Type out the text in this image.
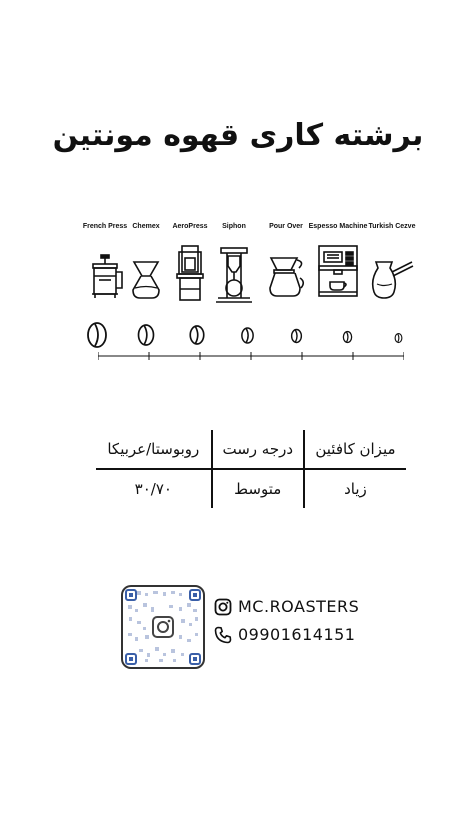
برشته کاری قهوه مونتین
French Press Chemex	AeroPress	Siphon	Pour Over Espesso Machine Turkish Cezve
میزان کافئین	درجه رست	روبوستا/عربیکا
زیاد	متوسط	۳۰/۷۰
MC.ROASTERS
09901614151
